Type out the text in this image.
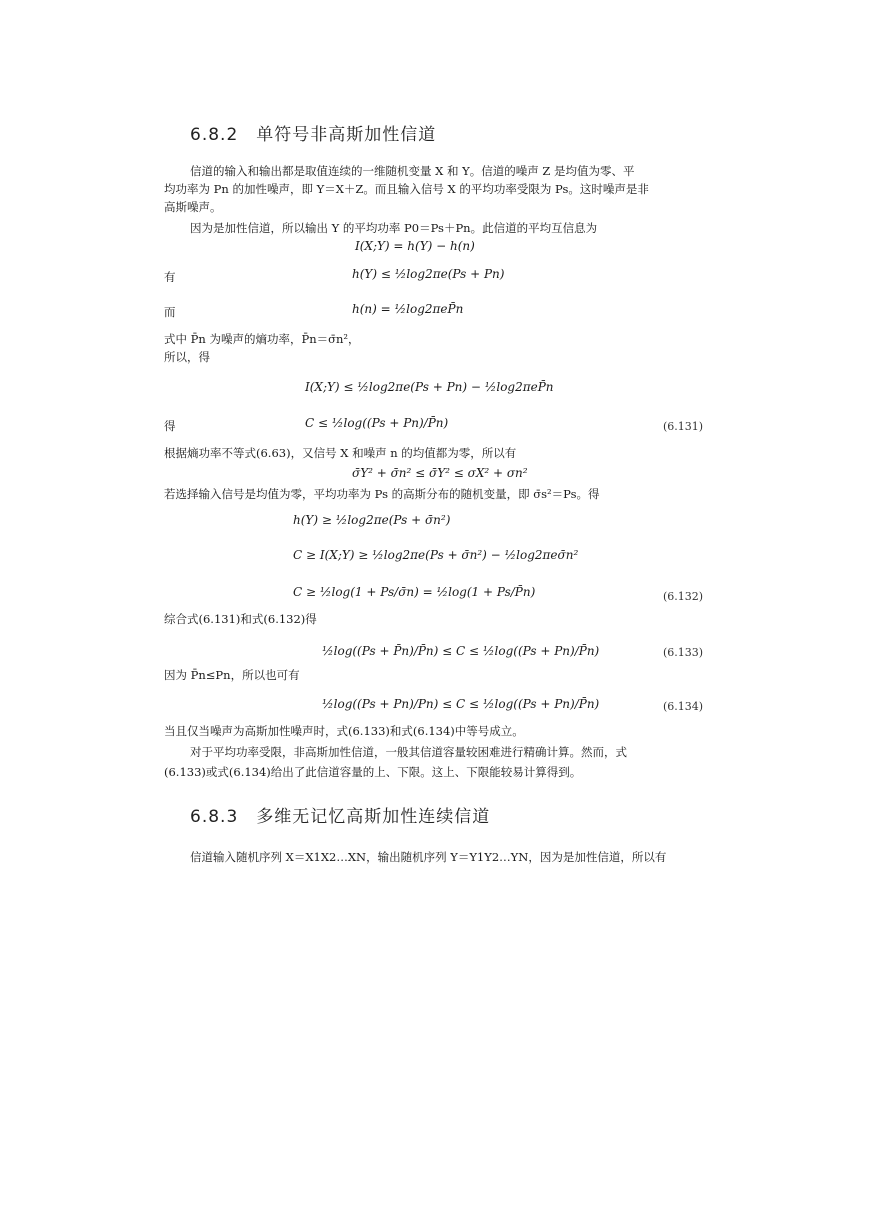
6.8.2　单符号非高斯加性信道
信道的输入和输出都是取值连续的一维随机变量 X 和 Y。信道的噪声 Z 是均值为零、平
均功率为 Pn 的加性噪声，即 Y＝X＋Z。而且输入信号 X 的平均功率受限为 Ps。这时噪声是非
高斯噪声。
因为是加性信道，所以输出 Y 的平均功率 P0＝Ps＋Pn。此信道的平均互信息为
I(X;Y) = h(Y) − h(n)
有	h(Y) ≤ ½log2πe(Ps + Pn)
而	h(n) = ½log2πeP̄n
式中 P̄n 为噪声的熵功率，P̄n＝σ̄n²，
所以，得
I(X;Y) ≤ ½log2πe(Ps + Pn) − ½log2πeP̄n
得	C ≤ ½log((Ps + Pn)/P̄n)	(6.131)
根据熵功率不等式(6.63)，又信号 X 和噪声 n 的均值都为零，所以有
σ̄Y² + σ̄n² ≤ σ̄Y² ≤ σX² + σn²
若选择输入信号是均值为零，平均功率为 Ps 的高斯分布的随机变量，即 σ̄s²＝Ps。得
h(Y) ≥ ½log2πe(Ps + σ̄n²)
C ≥ I(X;Y) ≥ ½log2πe(Ps + σ̄n²) − ½log2πeσ̄n²
C ≥ ½log(1 + Ps/σ̄n) = ½log(1 + Ps/P̄n)	(6.132)
综合式(6.131)和式(6.132)得
½log((Ps + P̄n)/P̄n) ≤ C ≤ ½log((Ps + Pn)/P̄n)	(6.133)
因为 P̄n≤Pn，所以也可有
½log((Ps + Pn)/Pn) ≤ C ≤ ½log((Ps + Pn)/P̄n)	(6.134)
当且仅当噪声为高斯加性噪声时，式(6.133)和式(6.134)中等号成立。
对于平均功率受限，非高斯加性信道，一般其信道容量较困难进行精确计算。然而，式
(6.133)或式(6.134)给出了此信道容量的上、下限。这上、下限能较易计算得到。
6.8.3　多维无记忆高斯加性连续信道
信道输入随机序列 X＝X1X2…XN，输出随机序列 Y＝Y1Y2…YN，因为是加性信道，所以有
